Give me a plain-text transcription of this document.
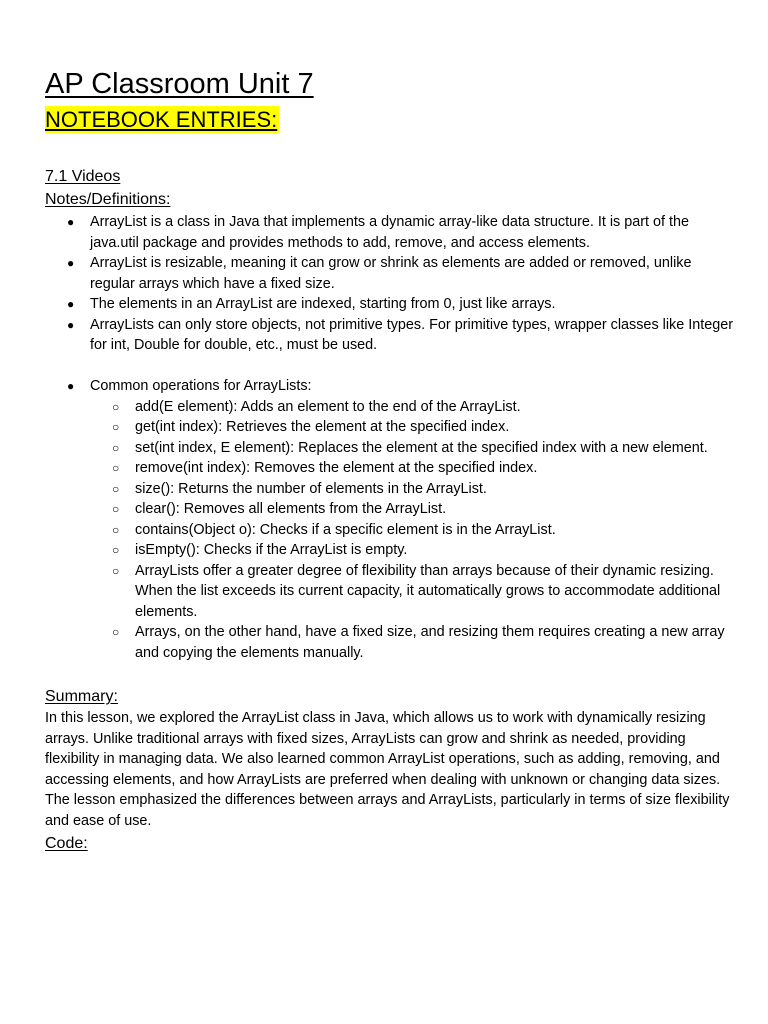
AP Classroom Unit 7
NOTEBOOK ENTRIES:
7.1 Videos
Notes/Definitions:
● ArrayList is a class in Java that implements a dynamic array-like data structure. It is part of the java.util package and provides methods to add, remove, and access elements.
● ArrayList is resizable, meaning it can grow or shrink as elements are added or removed, unlike regular arrays which have a fixed size.
● The elements in an ArrayList are indexed, starting from 0, just like arrays.
● ArrayLists can only store objects, not primitive types. For primitive types, wrapper classes like Integer for int, Double for double, etc., must be used.
● Common operations for ArrayLists:
○ add(E element): Adds an element to the end of the ArrayList.
○ get(int index): Retrieves the element at the specified index.
○ set(int index, E element): Replaces the element at the specified index with a new element.
○ remove(int index): Removes the element at the specified index.
○ size(): Returns the number of elements in the ArrayList.
○ clear(): Removes all elements from the ArrayList.
○ contains(Object o): Checks if a specific element is in the ArrayList.
○ isEmpty(): Checks if the ArrayList is empty.
○ ArrayLists offer a greater degree of flexibility than arrays because of their dynamic resizing. When the list exceeds its current capacity, it automatically grows to accommodate additional elements.
○ Arrays, on the other hand, have a fixed size, and resizing them requires creating a new array and copying the elements manually.
Summary:

In this lesson, we explored the ArrayList class in Java, which allows us to work with dynamically resizing arrays. Unlike traditional arrays with fixed sizes, ArrayLists can grow and shrink as needed, providing flexibility in managing data. We also learned common ArrayList operations, such as adding, removing, and accessing elements, and how ArrayLists are preferred when dealing with unknown or changing data sizes. The lesson emphasized the differences between arrays and ArrayLists, particularly in terms of size flexibility and ease of use.

Code:
